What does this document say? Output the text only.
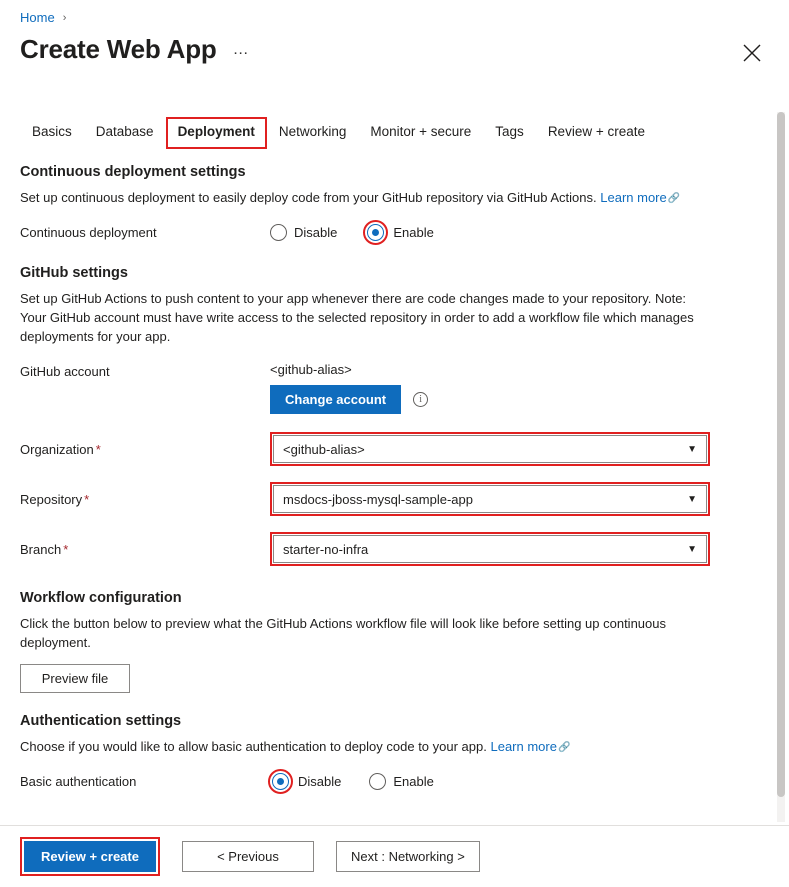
Home ›
Create Web App …
Basics	Database	Deployment	Networking	Monitor + secure	Tags	Review + create
Continuous deployment settings

Set up continuous deployment to easily deploy code from your GitHub repository via GitHub Actions. Learn more🔗

Continuous deployment	Disable	Enable
GitHub settings

Set up GitHub Actions to push content to your app whenever there are code changes made to your repository. Note: Your GitHub account must have write access to the selected repository in order to add a workflow file which manages deployments for your app.

GitHub account	<github-alias>
Change account	i
Organization *	<github-alias>	▼
Repository *	msdocs-jboss-mysql-sample-app	▼
Branch *	starter-no-infra	▼
Workflow configuration

Click the button below to preview what the GitHub Actions workflow file will look like before setting up continuous deployment.

Preview file
Authentication settings

Choose if you would like to allow basic authentication to deploy code to your app. Learn more🔗

Basic authentication	Disable	Enable
Review + create	< Previous	Next : Networking >
